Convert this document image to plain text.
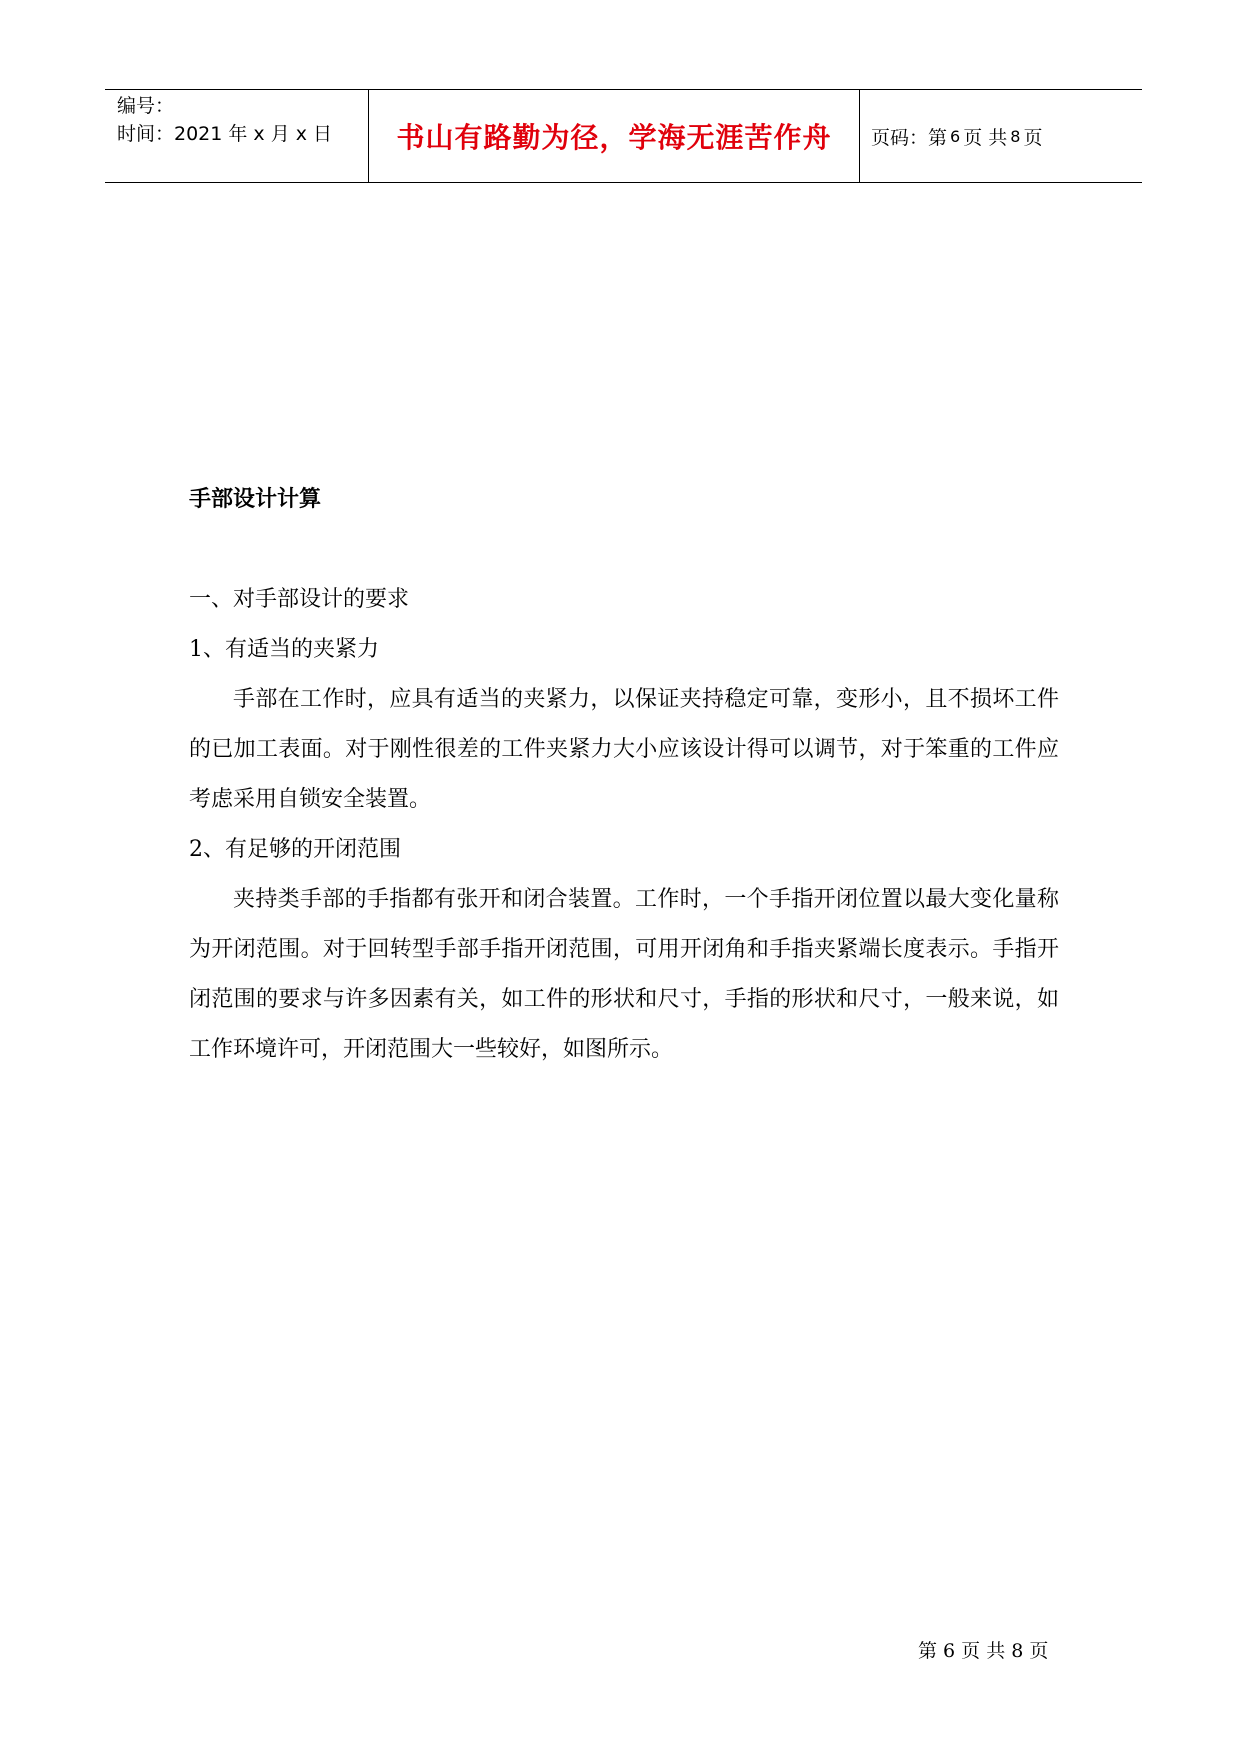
编号：
时间：2021 年 x 月 x 日	书山有路勤为径，学海无涯苦作舟	页码：第 6 页 共 8 页
手部设计计算

一、对手部设计的要求

1、有适当的夹紧力

手部在工作时，应具有适当的夹紧力，以保证夹持稳定可靠，变形小，且不损坏工件的已加工表面。对于刚性很差的工件夹紧力大小应该设计得可以调节，对于笨重的工件应考虑采用自锁安全装置。

2、有足够的开闭范围

夹持类手部的手指都有张开和闭合装置。工作时，一个手指开闭位置以最大变化量称为开闭范围。对于回转型手部手指开闭范围，可用开闭角和手指夹紧端长度表示。手指开闭范围的要求与许多因素有关，如工件的形状和尺寸，手指的形状和尺寸，一般来说，如工作环境许可，开闭范围大一些较好，如图所示。

第 6 页 共 8 页
